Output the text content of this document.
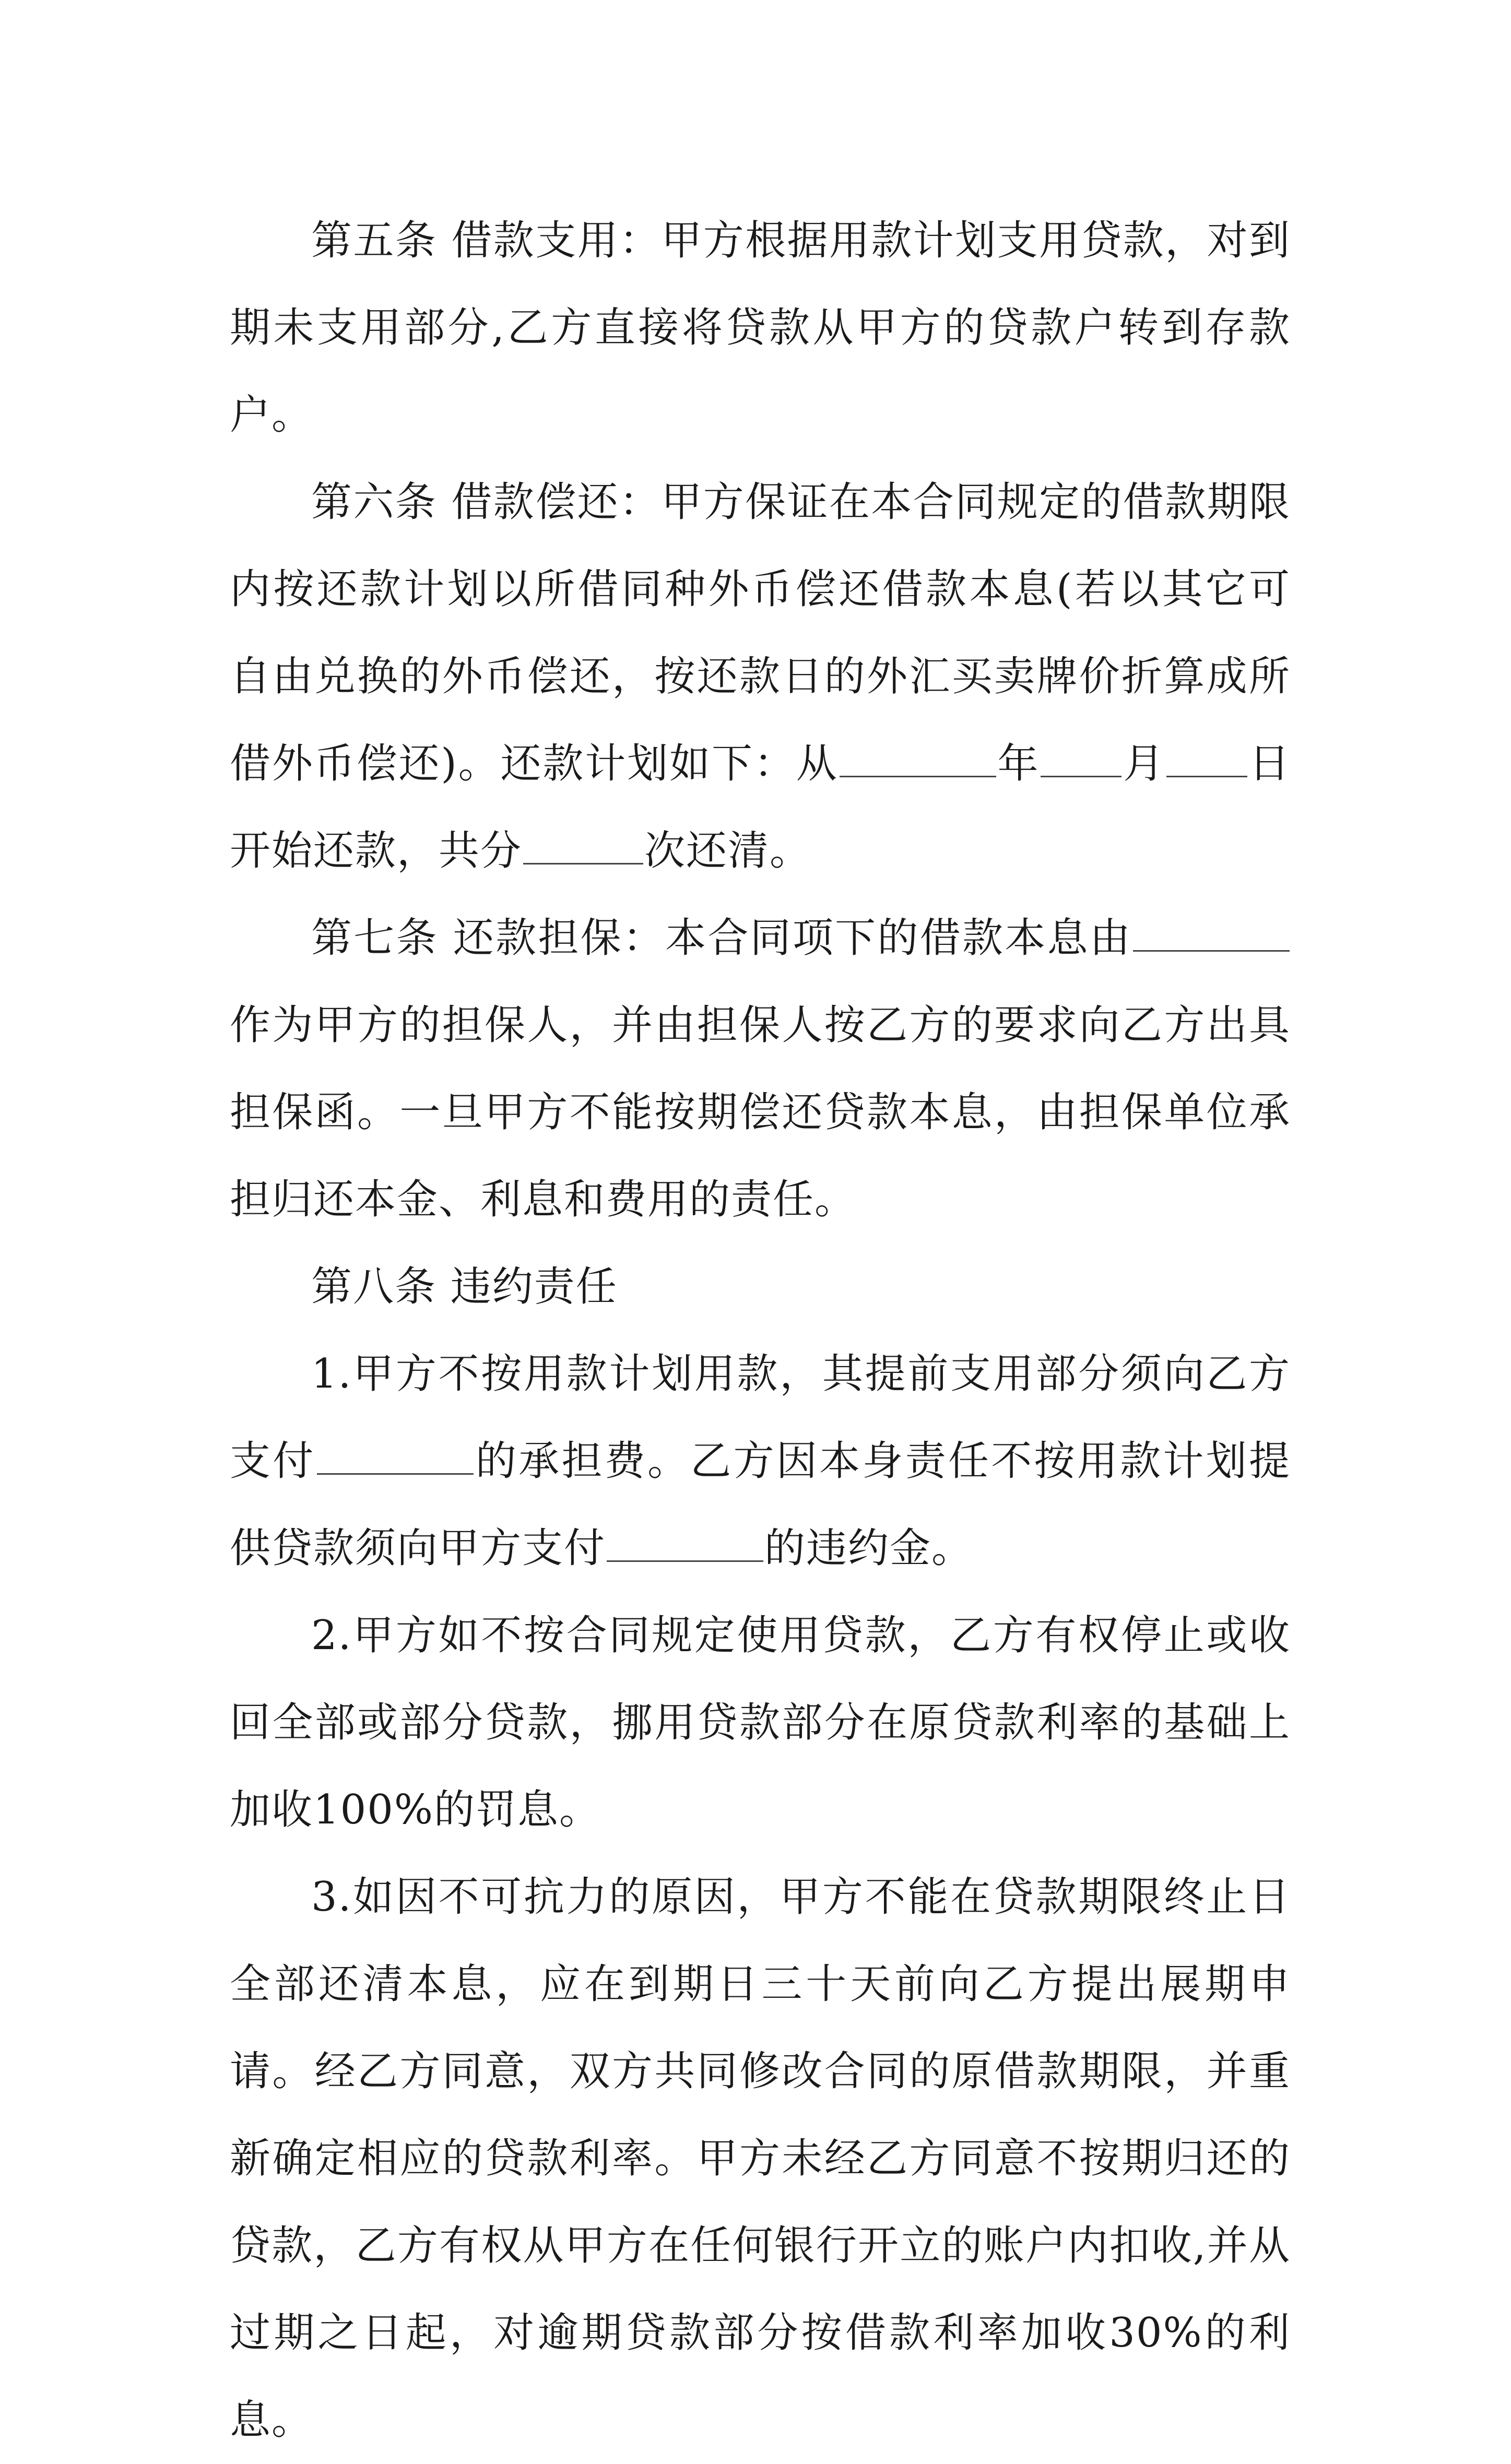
第五条 借款支用：甲方根据用款计划支用贷款，对到期未支用部分,乙方直接将贷款从甲方的贷款户转到存款户。

第六条 借款偿还：甲方保证在本合同规定的借款期限内按还款计划以所借同种外币偿还借款本息(若以其它可自由兑换的外币偿还，按还款日的外汇买卖牌价折算成所借外币偿还)。还款计划如下：从	年 月 日开始还款，共分	次还清。

第七条 还款担保：本合同项下的借款本息由作为甲方的担保人，并由担保人按乙方的要求向乙方出具担保函。一旦甲方不能按期偿还贷款本息，由担保单位承担归还本金、利息和费用的责任。

第八条 违约责任

1.甲方不按用款计划用款，其提前支用部分须向乙方支付	的承担费。乙方因本身责任不按用款计划提供贷款须向甲方支付	的违约金。

2.甲方如不按合同规定使用贷款，乙方有权停止或收回全部或部分贷款，挪用贷款部分在原贷款利率的基础上加收100%的罚息。

3.如因不可抗力的原因，甲方不能在贷款期限终止日全部还清本息，应在到期日三十天前向乙方提出展期申请。经乙方同意，双方共同修改合同的原借款期限，并重新确定相应的贷款利率。甲方未经乙方同意不按期归还的贷款，乙方有权从甲方在任何银行开立的账户内扣收,并从过期之日起，对逾期贷款部分按借款利率加收30%的利息。
